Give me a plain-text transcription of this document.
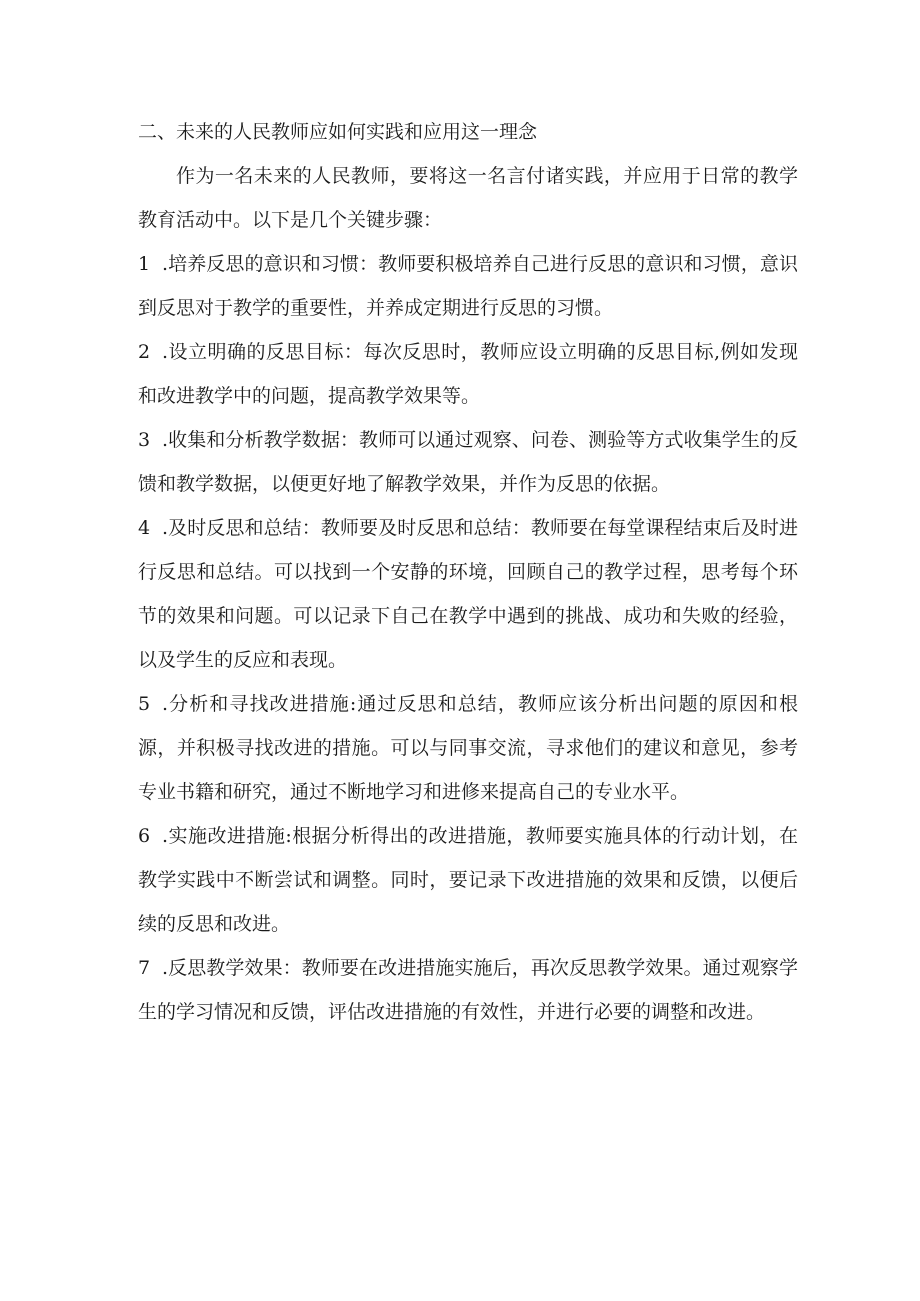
二、未来的人民教师应如何实践和应用这一理念

作为一名未来的人民教师，要将这一名言付诸实践，并应用于日常的教学教育活动中。以下是几个关键步骤：

1 .培养反思的意识和习惯：教师要积极培养自己进行反思的意识和习惯，意识到反思对于教学的重要性，并养成定期进行反思的习惯。
2 .设立明确的反思目标：每次反思时，教师应设立明确的反思目标,例如发现和改进教学中的问题，提高教学效果等。
3 .收集和分析教学数据：教师可以通过观察、问卷、测验等方式收集学生的反馈和教学数据，以便更好地了解教学效果，并作为反思的依据。
4 .及时反思和总结：教师要及时反思和总结：教师要在每堂课程结束后及时进行反思和总结。可以找到一个安静的环境，回顾自己的教学过程，思考每个环节的效果和问题。可以记录下自己在教学中遇到的挑战、成功和失败的经验，以及学生的反应和表现。
5 .分析和寻找改进措施:通过反思和总结，教师应该分析出问题的原因和根源，并积极寻找改进的措施。可以与同事交流，寻求他们的建议和意见，参考专业书籍和研究，通过不断地学习和进修来提高自己的专业水平。
6 .实施改进措施:根据分析得出的改进措施，教师要实施具体的行动计划，在教学实践中不断尝试和调整。同时，要记录下改进措施的效果和反馈，以便后续的反思和改进。
7 .反思教学效果：教师要在改进措施实施后，再次反思教学效果。通过观察学生的学习情况和反馈，评估改进措施的有效性，并进行必要的调整和改进。
